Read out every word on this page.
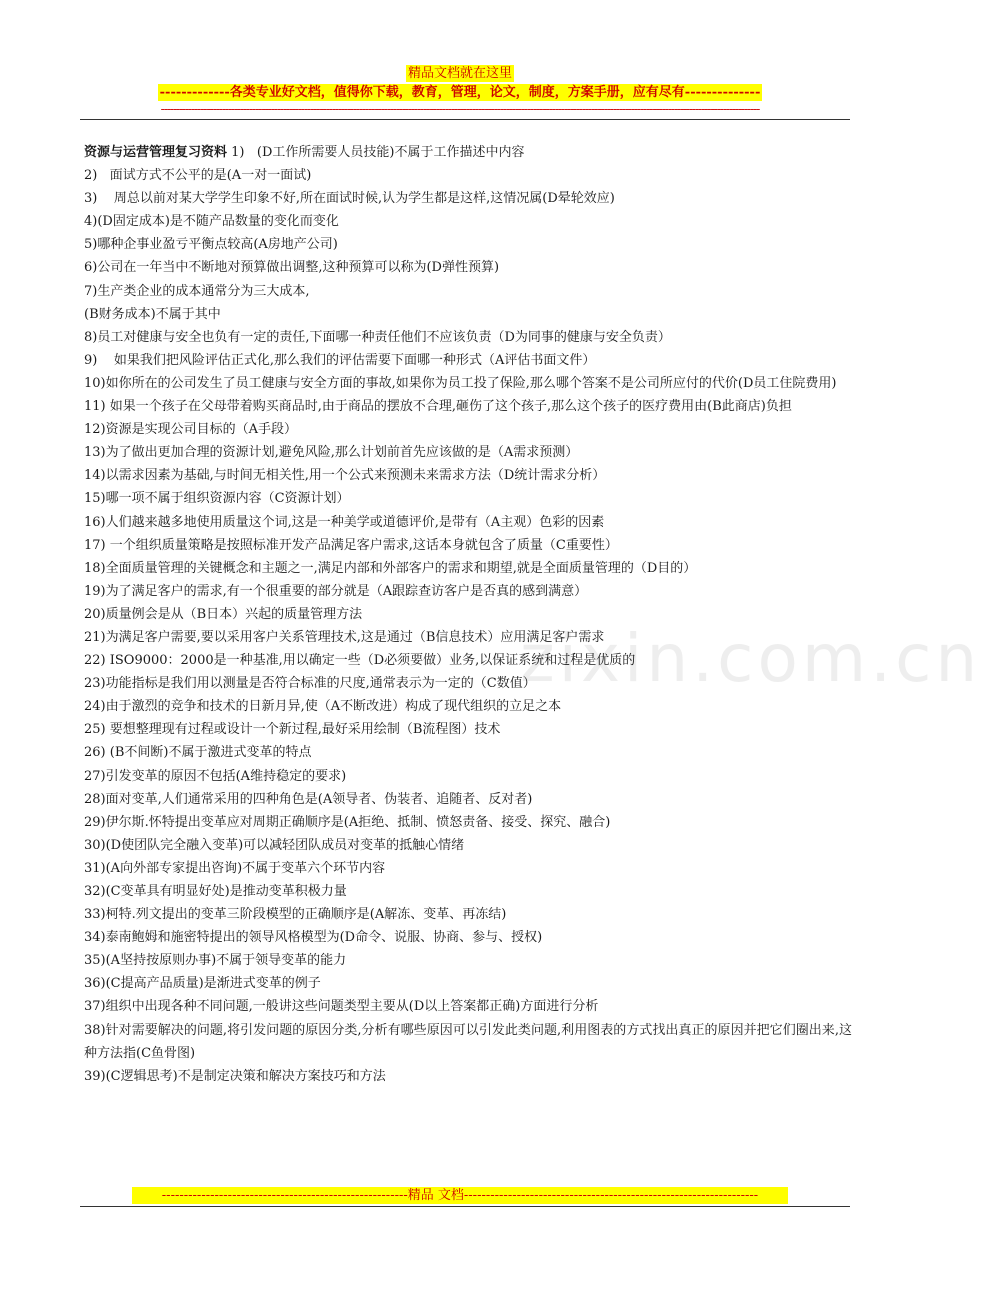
精品文档就在这里
-------------各类专业好文档，值得你下载，教育，管理，论文，制度，方案手册，应有尽有--------------
----------------------------------------------------------------------------------------------------------------------------------------------------------------------------------------------------
zixin.com.cn
资源与运营管理复习资料 1)   (D工作所需要人员技能)不属于工作描述中内容
2)   面试方式不公平的是(A一对一面试)
3)    周总以前对某大学学生印象不好,所在面试时候,认为学生都是这样,这情况属(D晕轮效应)
4)(D固定成本)是不随产品数量的变化而变化
5)哪种企事业盈亏平衡点较高(A房地产公司)
6)公司在一年当中不断地对预算做出调整,这种预算可以称为(D弹性预算)
7)生产类企业的成本通常分为三大成本,
(B财务成本)不属于其中
8)员工对健康与安全也负有一定的责任,下面哪一种责任他们不应该负责（D为同事的健康与安全负责）
9)    如果我们把风险评估正式化,那么我们的评估需要下面哪一种形式（A评估书面文件）
10)如你所在的公司发生了员工健康与安全方面的事故,如果你为员工投了保险,那么哪个答案不是公司所应付的代价(D员工住院费用)
11) 如果一个孩子在父母带着购买商品时,由于商品的摆放不合理,砸伤了这个孩子,那么这个孩子的医疗费用由(B此商店)负担
12)资源是实现公司目标的（A手段）
13)为了做出更加合理的资源计划,避免风险,那么计划前首先应该做的是（A需求预测）
14)以需求因素为基础,与时间无相关性,用一个公式来预测未来需求方法（D统计需求分析）
15)哪一项不属于组织资源内容（C资源计划）
16)人们越来越多地使用质量这个词,这是一种美学或道德评价,是带有（A主观）色彩的因素
17) 一个组织质量策略是按照标准开发产品满足客户需求,这话本身就包含了质量（C重要性）
18)全面质量管理的关键概念和主题之一,满足内部和外部客户的需求和期望,就是全面质量管理的（D目的）
19)为了满足客户的需求,有一个很重要的部分就是（A跟踪查访客户是否真的感到满意）
20)质量例会是从（B日本）兴起的质量管理方法
21)为满足客户需要,要以采用客户关系管理技术,这是通过（B信息技术）应用满足客户需求
22) ISO9000：2000是一种基准,用以确定一些（D必须要做）业务,以保证系统和过程是优质的
23)功能指标是我们用以测量是否符合标准的尺度,通常表示为一定的（C数值）
24)由于激烈的竞争和技术的日新月异,使（A不断改进）构成了现代组织的立足之本
25) 要想整理现有过程或设计一个新过程,最好采用绘制（B流程图）技术
26) (B不间断)不属于激进式变革的特点
27)引发变革的原因不包括(A维持稳定的要求)
28)面对变革,人们通常采用的四种角色是(A领导者、伪装者、追随者、反对者)
29)伊尔斯.怀特提出变革应对周期正确顺序是(A拒绝、抵制、愤怒责备、接受、探究、融合)
30)(D使团队完全融入变革)可以减轻团队成员对变革的抵触心情绪
31)(A向外部专家提出咨询)不属于变革六个环节内容
32)(C变革具有明显好处)是推动变革积极力量
33)柯特.列文提出的变革三阶段模型的正确顺序是(A解冻、变革、再冻结)
34)泰南鲍姆和施密特提出的领导风格模型为(D命令、说服、协商、参与、授权)
35)(A坚持按原则办事)不属于领导变革的能力
36)(C提高产品质量)是渐进式变革的例子
37)组织中出现各种不同问题,一般讲这些问题类型主要从(D以上答案都正确)方面进行分析
38)针对需要解决的问题,将引发问题的原因分类,分析有哪些原因可以引发此类问题,利用图表的方式找出真正的原因并把它们圈出来,这种方法指(C鱼骨图)
39)(C逻辑思考)不是制定决策和解决方案技巧和方法
--------------------------------------------------------精品 文档-------------------------------------------------------------------
